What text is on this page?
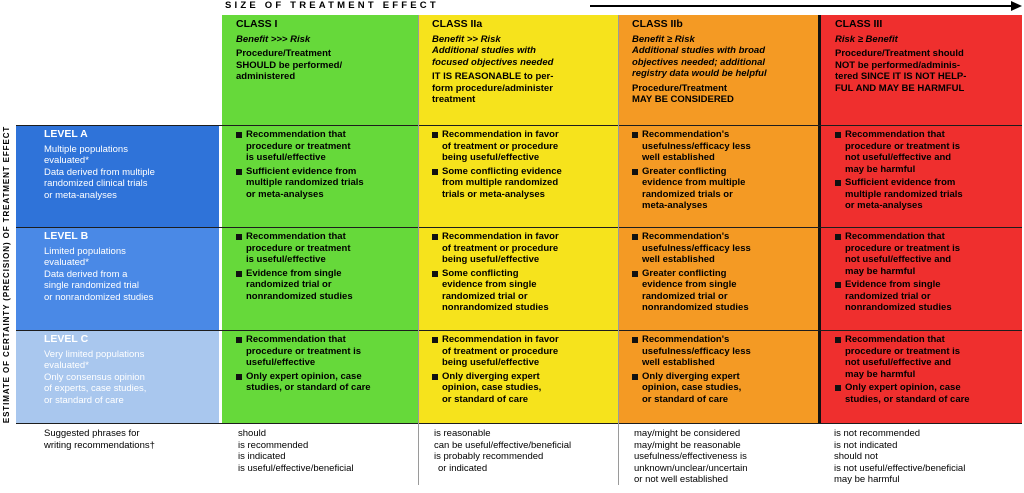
SIZE OF TREATMENT EFFECT
ESTIMATE OF CERTAINTY (PRECISION) OF TREATMENT EFFECT
CLASS I
Benefit >>> Risk
Procedure/Treatment
SHOULD be performed/
administered
CLASS IIa
Benefit >> Risk
Additional studies with
focused objectives needed
IT IS REASONABLE to per-
form procedure/administer
treatment
CLASS IIb
Benefit ≥ Risk
Additional studies with broad
objectives needed; additional
registry data would be helpful
Procedure/Treatment
MAY BE CONSIDERED
CLASS III
Risk ≥ Benefit
Procedure/Treatment should
NOT be performed/adminis-
tered SINCE IT IS NOT HELP-
FUL AND MAY BE HARMFUL
LEVEL A
Multiple populations
evaluated*
Data derived from multiple
randomized clinical trials
or meta-analyses
LEVEL B
Limited populations
evaluated*
Data derived from a
single randomized trial
or nonrandomized studies
LEVEL C
Very limited populations
evaluated*
Only consensus opinion
of experts, case studies,
or standard of care
Recommendation that
procedure or treatment
is useful/effective
Sufficient evidence from
multiple randomized trials
or meta-analyses
Recommendation in favor
of treatment or procedure
being useful/effective
Some conflicting evidence
from multiple randomized
trials or meta-analyses
Recommendation's
usefulness/efficacy less
well established
Greater conflicting
evidence from multiple
randomized trials or
meta-analyses
Recommendation that
procedure or treatment is
not useful/effective and
may be harmful
Sufficient evidence from
multiple randomized trials
or meta-analyses
Recommendation that
procedure or treatment
is useful/effective
Evidence from single
randomized trial or
nonrandomized studies
Recommendation in favor
of treatment or procedure
being useful/effective
Some conflicting
evidence from single
randomized trial or
nonrandomized studies
Recommendation's
usefulness/efficacy less
well established
Greater conflicting
evidence from single
randomized trial or
nonrandomized studies
Recommendation that
procedure or treatment is
not useful/effective and
may be harmful
Evidence from single
randomized trial or
nonrandomized studies
Recommendation that
procedure or treatment is
useful/effective
Only expert opinion, case
studies, or standard of care
Recommendation in favor
of treatment or procedure
being useful/effective
Only diverging expert
opinion, case studies,
or standard of care
Recommendation's
usefulness/efficacy less
well established
Only diverging expert
opinion, case studies,
or standard of care
Recommendation that
procedure or treatment is
not useful/effective and
may be harmful
Only expert opinion, case
studies, or standard of care
Suggested phrases for
writing recommendations†
should
is recommended
is indicated
is useful/effective/beneficial
is reasonable
can be useful/effective/beneficial
is probably recommended
or indicated
may/might be considered
may/might be reasonable
usefulness/effectiveness is
unknown/unclear/uncertain
or not well established
is not recommended
is not indicated
should not
is not useful/effective/beneficial
may be harmful
